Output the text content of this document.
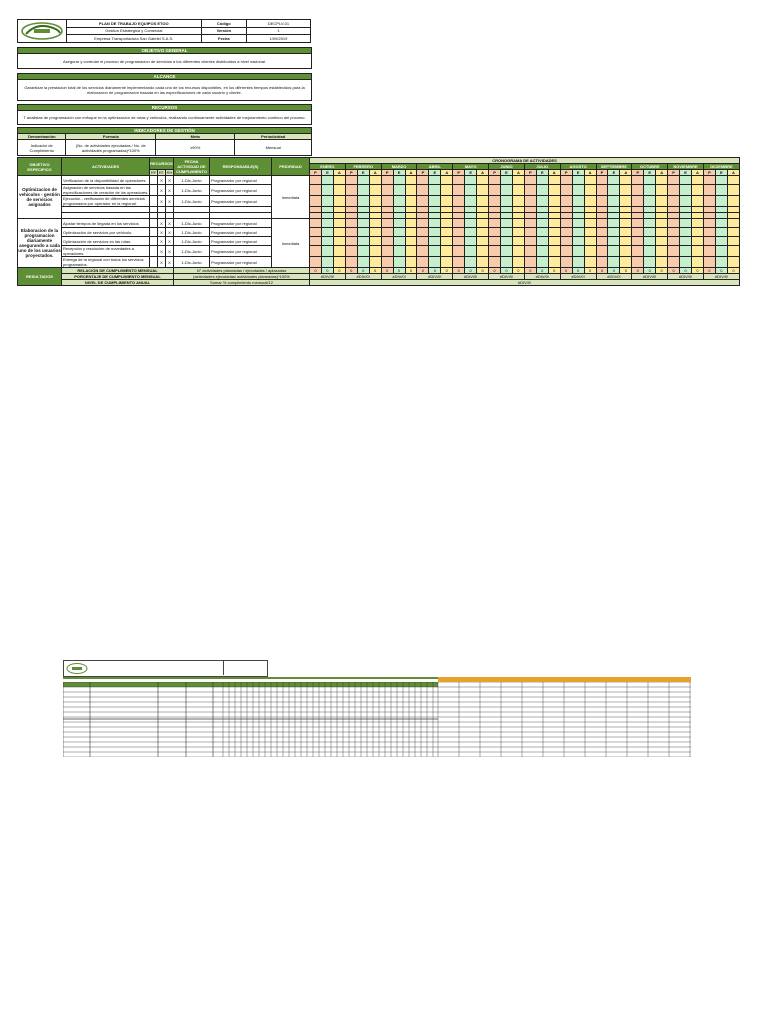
	PLAN DE TRABAJO EQUIPOS ETOO	Código	DECPLV-01
	Gestion Estrategica y Comercial	Versión	1
	Empresa Transportadora San Gabriel S.A.S.	Fecha	1/09/2019
OBJETIVO GENERAL
Asegurar y controlar el proceso de programacion de servicios a los diferentes clientes distribuidos a nivel nacional.
ALCANCE
Garantizar la prestacion total de los servicios diariamente implementando cada uno de los recursos disponibles, en los diferentes tiempos establecidos para la elaboracion de programacion basada en las especificaciones de cada usuario y cliente.
RECURSOS
T analistas de programación con enfoque en la optimizacion de rutas y vehiculos, realizando continuamente actividades de mejoramiento continuo del proceso.
INDICADORES DE GESTIÓN
Denominación	Formula	Meta	Periodicidad
Indicador de Cumplimiento	(No. de actividades ejecutadas / No. de actividades programadas)*100%	≥90%	Mensual
OBJETIVO ESPECIFICO	ACTIVIDADES	RECURSOS			FECHA ACTIVIDAD DE CUMPLIMIENTO	RESPONSABLE(S)	PRIORIDAD	CRONOGRAMA DE ACTIVIDADES																																			
								ENERO			FEBRERO			MARZO			ABRIL			MAYO			JUNIO			JULIO			AGOSTO			SEPTIEMBRE			OCTUBRE			NOVIEMBRE			DICIEMBRE		
		RF	RT	RH				P	E	A	P	E	A	P	E	A	P	E	A	P	E	A	P	E	A	P	E	A	P	E	A	P	E	A	P	E	A	P	E	A	P	E	A
Optimizacion de vehiculos - gestión de servicios asignados	Verificacion de la disponibilidad de operadores		X	X	1-Dic-Junio	Programador por regional	Inmediata																																				
	Asignación de servicios basada en las especificaciones de creación de los operadores.		X	X	1-Dic-Junio	Programador por regional																																					
	Ejecución - verificación de diferentes servicios programados por operador en la regional.		X	X	1-Dic-Junio	Programador por regional																																					

Elaboracion de la programacion diariamente asegurando a cada uno de los usuarios proyectados.	Ajustar tiempos de llegada en los servicios		X	X	1-Dic-Junio	Programador por regional	Inmediata																																				
	Optimización de servicios por vehículo.		X	X	1-Dic-Junio	Programador por regional																																					
	Optimización de servicios en las rutas.		X	X	1-Dic-Junio	Programador por regional																																					
	Recepción y resolución de novedades a operadores.		X	X	1-Dic-Junio	Programador por regional																																					
	Entrega de la regional con todos los servicios programados.		X	X	1-Dic-Junio	Programador por regional																																					
RESULTADOS	RELACIÓN DE CUMPLIMIENTO MENSUAL				N° actividades planeadas / ejecutadas / aplazadas			0	0	0	0	0	0	0	0	0	0	0	0	0	0	0	0	0	0	0	0	0	0	0	0	0	0	0	0	0	0	0	0	0	0	0	0
	PORCENTAJE DE CUMPLIMIENTO MENSUAL				(actividades ejecutadas/ actividades planeadas)*100%			#DIV/0!			#DIV/0!			#DIV/0!			#DIV/0!			#DIV/0!			#DIV/0!			#DIV/0!			#DIV/0!			#DIV/0!			#DIV/0!			#DIV/0!			#DIV/0!		
	NIVEL DE CUMPLIMIENTO ANUAL				Sumar % cumplimiento mensual/12			#DIV/0!																																			
